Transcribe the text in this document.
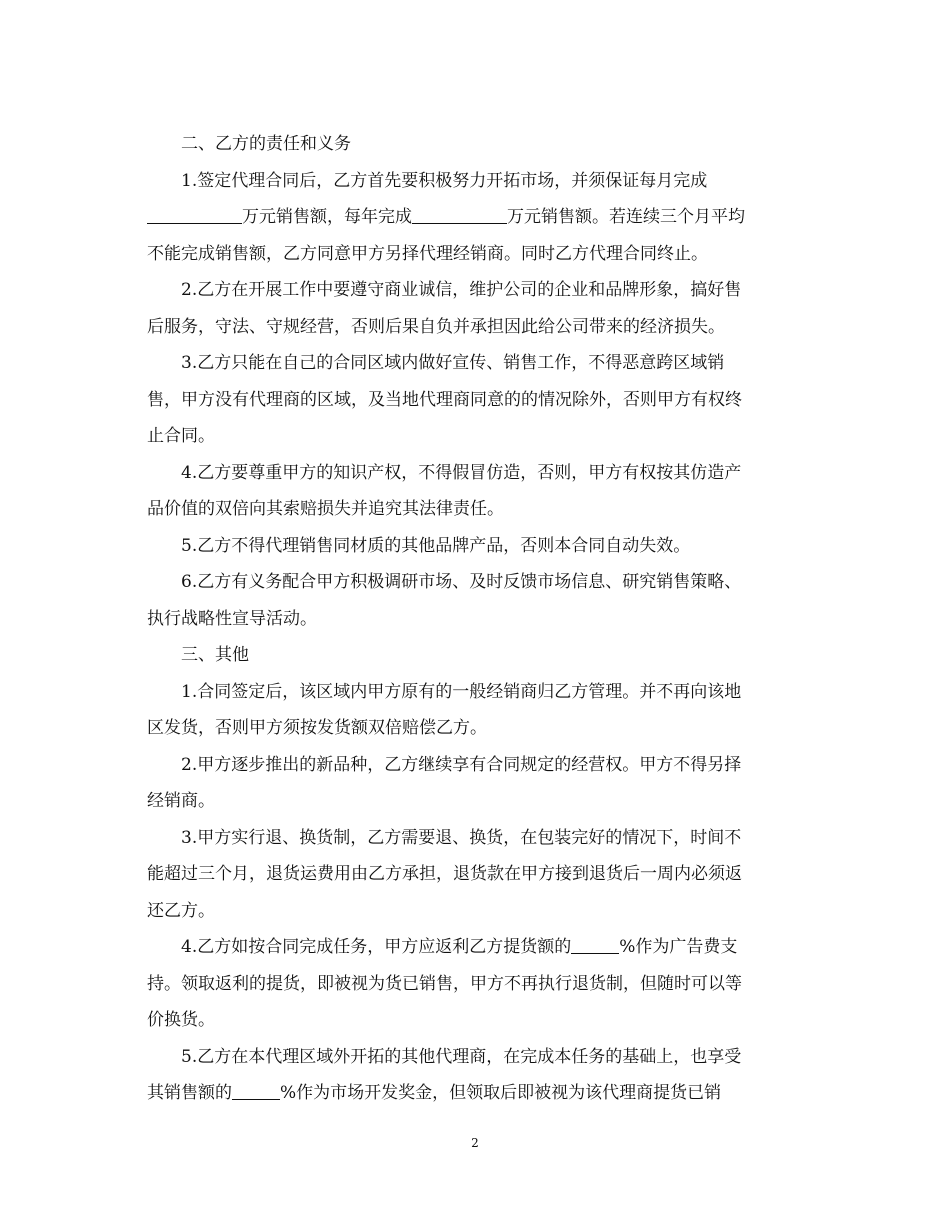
二、乙方的责任和义务
1.签定代理合同后，乙方首先要积极努力开拓市场，并须保证每月完成
万元销售额，每年完成	万元销售额。若连续三个月平均
不能完成销售额，乙方同意甲方另择代理经销商。同时乙方代理合同终止。
2.乙方在开展工作中要遵守商业诚信，维护公司的企业和品牌形象，搞好售
后服务，守法、守规经营，否则后果自负并承担因此给公司带来的经济损失。
3.乙方只能在自己的合同区域内做好宣传、销售工作，不得恶意跨区域销
售，甲方没有代理商的区域，及当地代理商同意的的情况除外，否则甲方有权终
止合同。
4.乙方要尊重甲方的知识产权，不得假冒仿造，否则，甲方有权按其仿造产
品价值的双倍向其索赔损失并追究其法律责任。
5.乙方不得代理销售同材质的其他品牌产品，否则本合同自动失效。
6.乙方有义务配合甲方积极调研市场、及时反馈市场信息、研究销售策略、
执行战略性宣导活动。
三、其他
1.合同签定后，该区域内甲方原有的一般经销商归乙方管理。并不再向该地
区发货，否则甲方须按发货额双倍赔偿乙方。
2.甲方逐步推出的新品种，乙方继续享有合同规定的经营权。甲方不得另择
经销商。
3.甲方实行退、换货制，乙方需要退、换货，在包装完好的情况下，时间不
能超过三个月，退货运费用由乙方承担，退货款在甲方接到退货后一周内必须返
还乙方。
4.乙方如按合同完成任务，甲方应返利乙方提货额的	%作为广告费支
持。领取返利的提货，即被视为货已销售，甲方不再执行退货制，但随时可以等
价换货。
5.乙方在本代理区域外开拓的其他代理商，在完成本任务的基础上，也享受
其销售额的	%作为市场开发奖金，但领取后即被视为该代理商提货已销
2
